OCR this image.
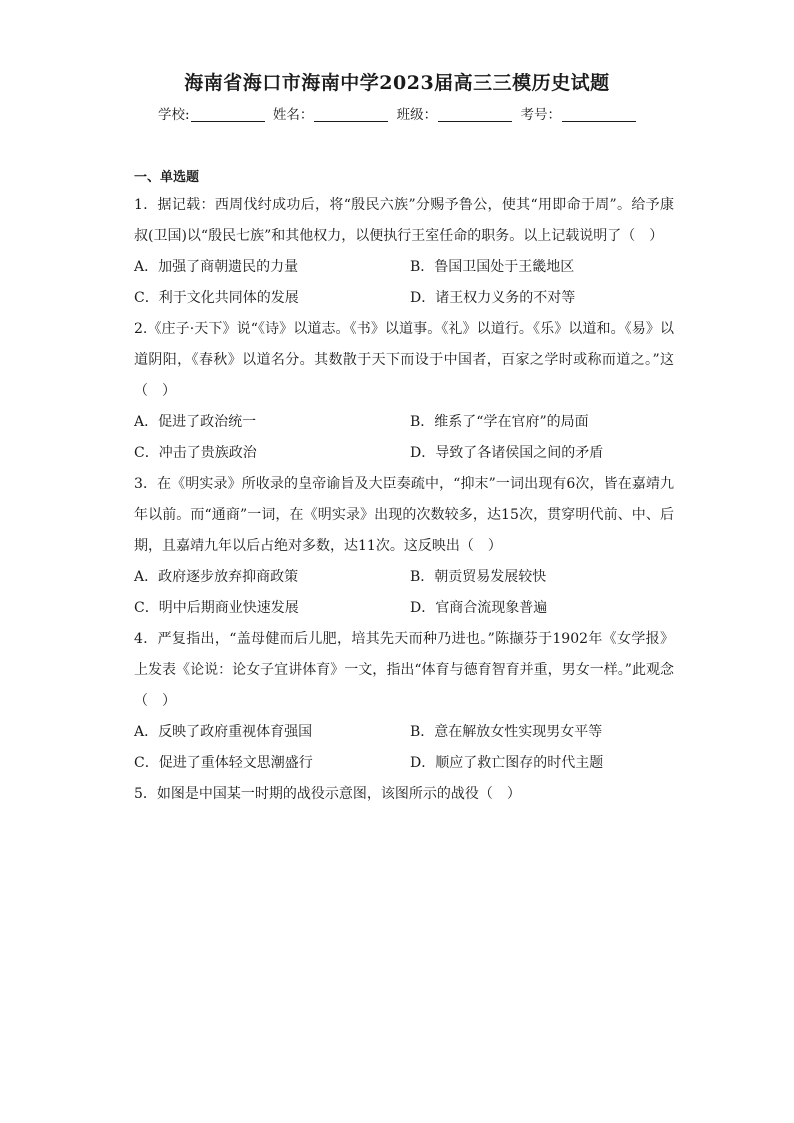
海南省海口市海南中学2023届高三三模历史试题
学校:	姓名：	班级：	考号：
一、单选题
1．据记载：西周伐纣成功后，将“殷民六族”分赐予鲁公，使其“用即命于周”。给予康叔(卫国)以“殷民七族”和其他权力，以便执行王室任命的职务。以上记载说明了（　）
A．加强了商朝遗民的力量	B．鲁国卫国处于王畿地区
C．利于文化共同体的发展	D．诸王权力义务的不对等
2.《庄子·天下》说“《诗》以道志。《书》以道事。《礼》以道行。《乐》以道和。《易》以道阴阳，《春秋》以道名分。其数散于天下而设于中国者，百家之学时或称而道之。”这（　）
A．促进了政治统一	B．维系了“学在官府”的局面
C．冲击了贵族政治	D．导致了各诸侯国之间的矛盾
3．在《明实录》所收录的皇帝谕旨及大臣奏疏中，“抑末”一词出现有6次，皆在嘉靖九年以前。而“通商”一词，在《明实录》出现的次数较多，达15次，贯穿明代前、中、后期，且嘉靖九年以后占绝对多数，达11次。这反映出（　）
A．政府逐步放弃抑商政策	B．朝贡贸易发展较快
C．明中后期商业快速发展	D．官商合流现象普遍
4．严复指出，“盖母健而后儿肥，培其先天而种乃进也。”陈撷芬于1902年《女学报》上发表《论说：论女子宜讲体育》一文，指出“体育与德育智育并重，男女一样。”此观念（　）
A．反映了政府重视体育强国	B．意在解放女性实现男女平等
C．促进了重体轻文思潮盛行	D．顺应了救亡图存的时代主题
5．如图是中国某一时期的战役示意图，该图所示的战役（　）
